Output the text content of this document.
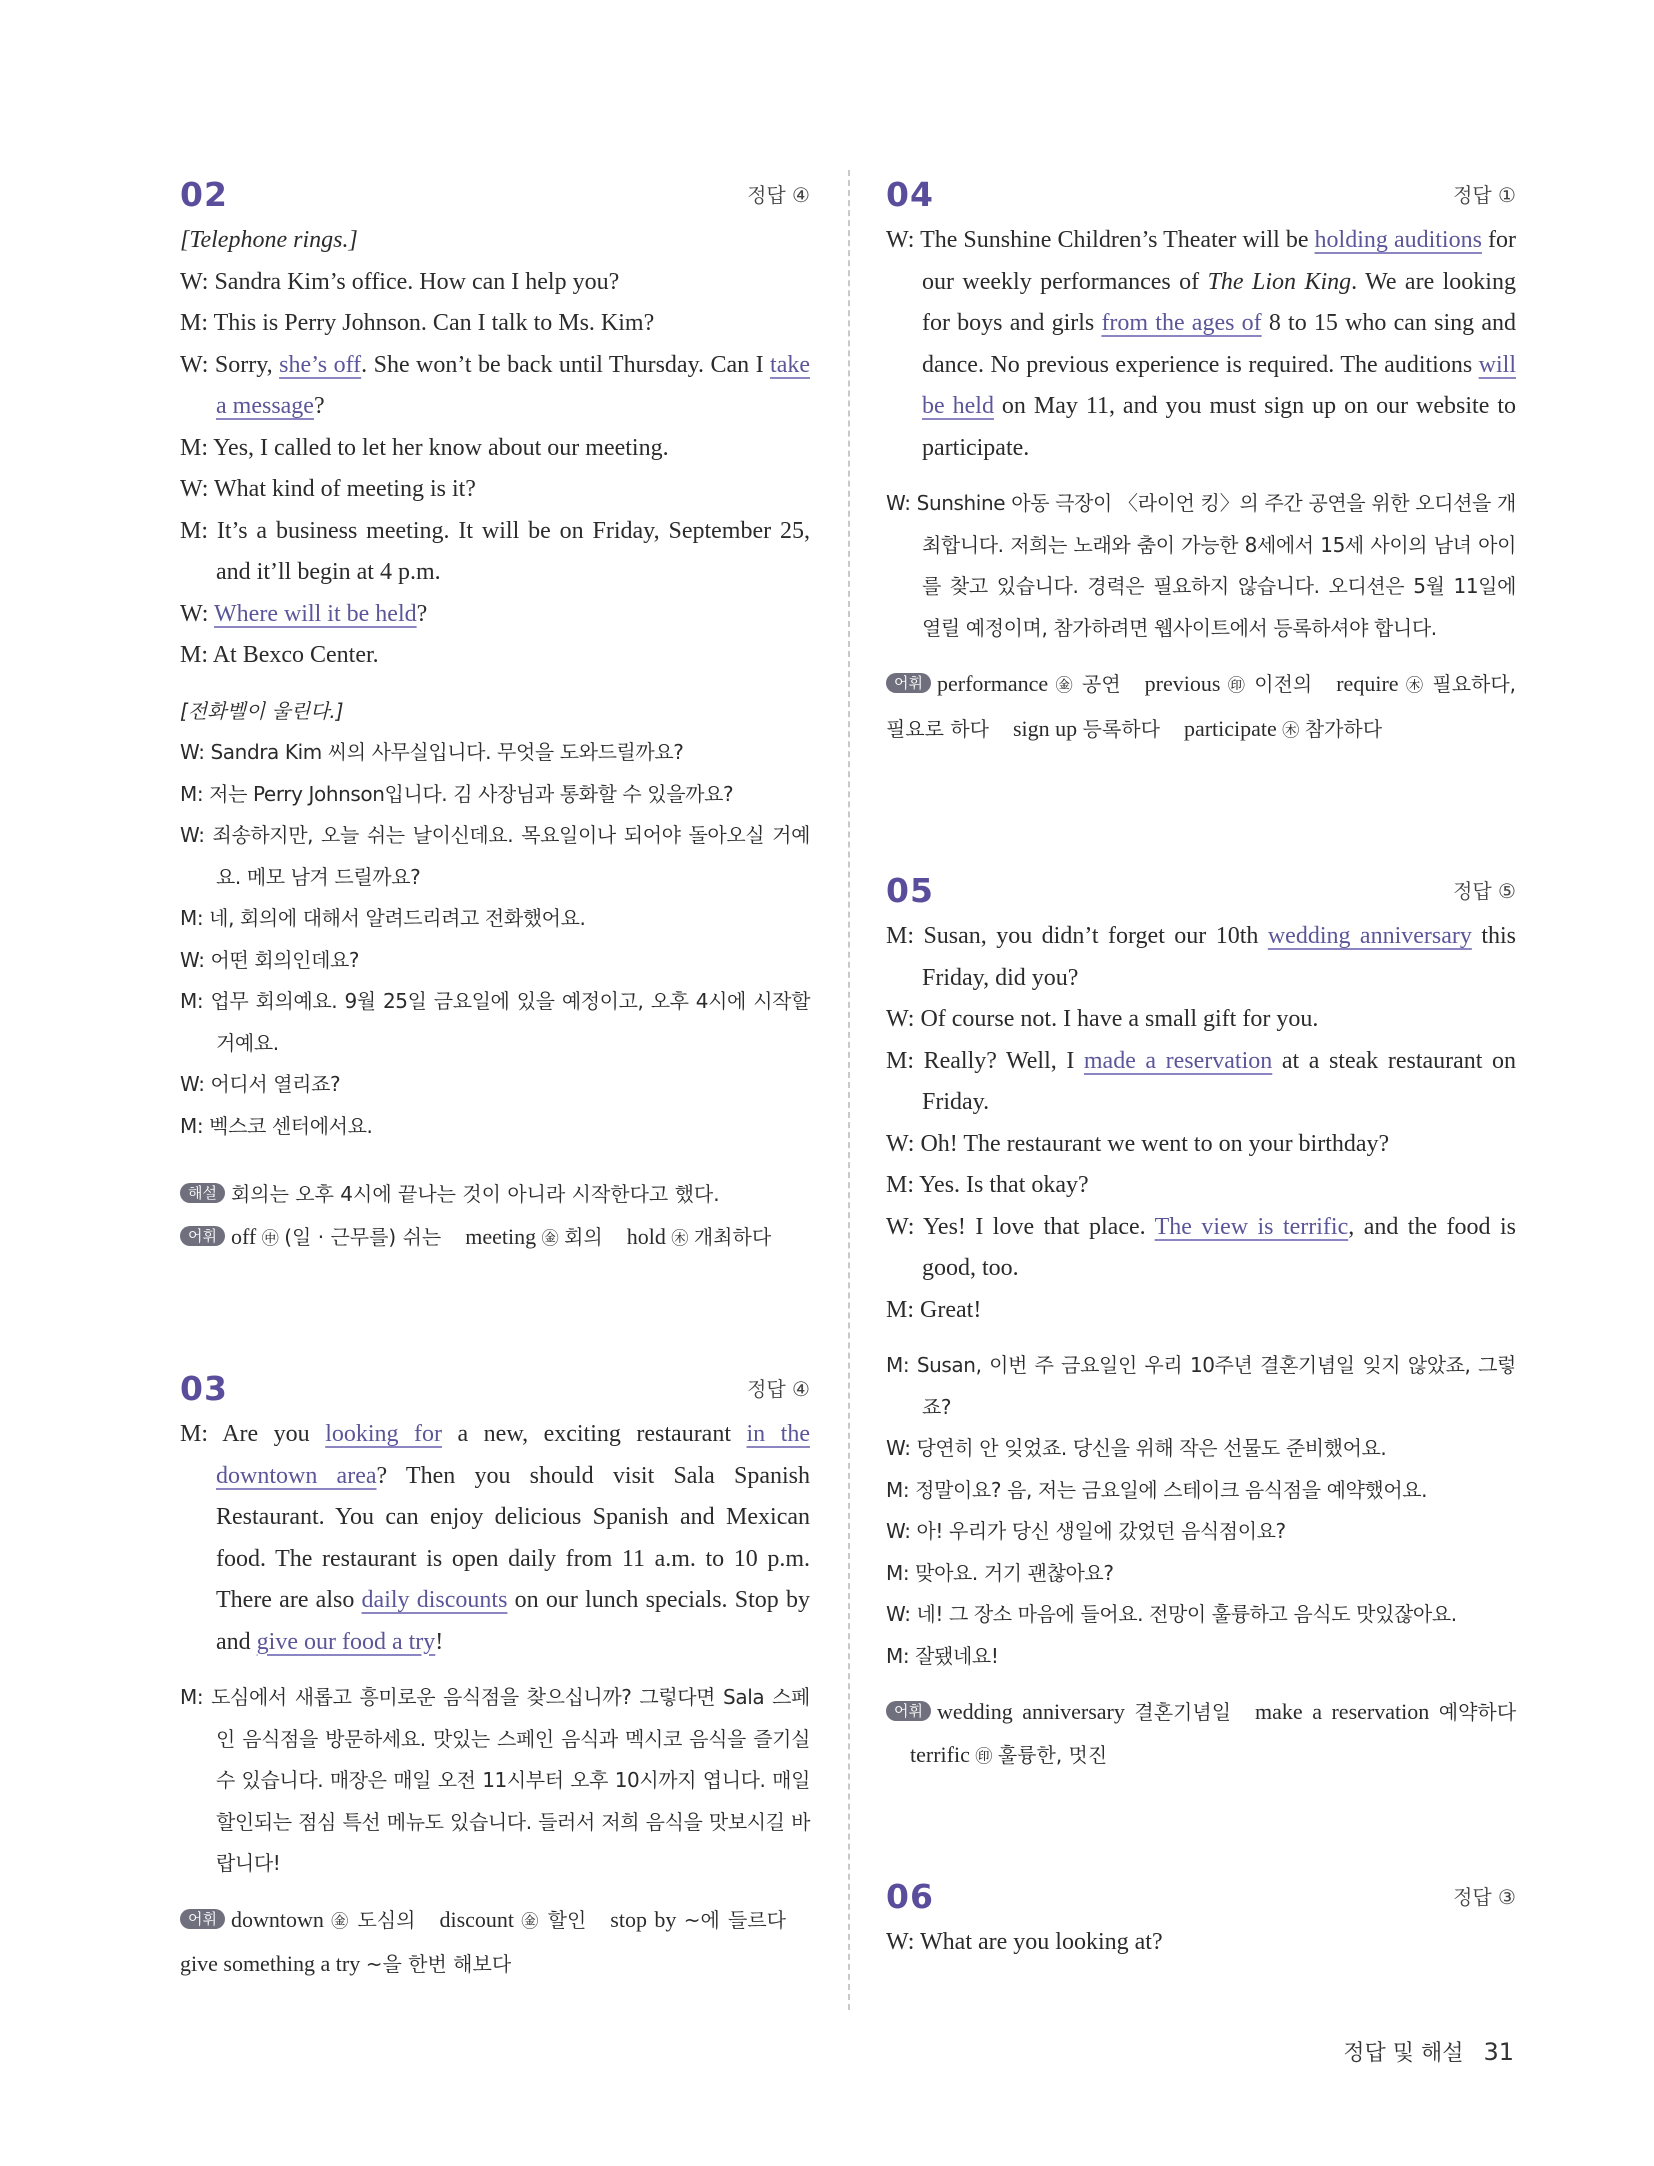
02	정답 ④

[Telephone rings.]

W: Sandra Kim’s office. How can I help you?

M: This is Perry Johnson. Can I talk to Ms. Kim?

W: Sorry, she’s off. She won’t be back until Thursday. Can I take a message?

M: Yes, I called to let her know about our meeting.

W: What kind of meeting is it?

M: It’s a business meeting. It will be on Friday, September 25, and it’ll begin at 4 p.m.

W: Where will it be held?

M: At Bexco Center.

[전화벨이 울린다.]

W: Sandra Kim 씨의 사무실입니다. 무엇을 도와드릴까요?

M: 저는 Perry Johnson입니다. 김 사장님과 통화할 수 있을까요?

W: 죄송하지만, 오늘 쉬는 날이신데요. 목요일이나 되어야 돌아오실 거예요. 메모 남겨 드릴까요?

M: 네, 회의에 대해서 알려드리려고 전화했어요.

W: 어떤 회의인데요?

M: 업무 회의예요. 9월 25일 금요일에 있을 예정이고, 오후 4시에 시작할 거예요.

W: 어디서 열리죠?

M: 벡스코 센터에서요.

해설 회의는 오후 4시에 끝나는 것이 아니라 시작한다고 했다.

어휘 off ㊥ (일 · 근무를) 쉬는 meeting ㊎ 회의 hold ㊍ 개최하다

03	정답 ④

M: Are you looking for a new, exciting restaurant in the downtown area? Then you should visit Sala Spanish Restaurant. You can enjoy delicious Spanish and Mexican food. The restaurant is open daily from 11 a.m. to 10 p.m. There are also daily discounts on our lunch specials. Stop by and give our food a try!

M: 도심에서 새롭고 흥미로운 음식점을 찾으십니까? 그렇다면 Sala 스페인 음식점을 방문하세요. 맛있는 스페인 음식과 멕시코 음식을 즐기실 수 있습니다. 매장은 매일 오전 11시부터 오후 10시까지 엽니다. 매일 할인되는 점심 특선 메뉴도 있습니다. 들러서 저희 음식을 맛보시길 바랍니다!

어휘 downtown ㊎ 도심의 discount ㊎ 할인 stop by ~에 들르다give something a try ~을 한번 해보다

04	정답 ①

W: The Sunshine Children’s Theater will be holding auditions for our weekly performances of The Lion King. We are looking for boys and girls from the ages of 8 to 15 who can sing and dance. No previous experience is required. The auditions will be held on May 11, and you must sign up on our website to participate.

W: Sunshine 아동 극장이 〈라이언 킹〉의 주간 공연을 위한 오디션을 개최합니다. 저희는 노래와 춤이 가능한 8세에서 15세 사이의 남녀 아이를 찾고 있습니다. 경력은 필요하지 않습니다. 오디션은 5월 11일에 열릴 예정이며, 참가하려면 웹사이트에서 등록하셔야 합니다.

어휘 performance ㊎ 공연 previous ㊞ 이전의 require ㊍ 필요하다, 필요로 하다 sign up 등록하다 participate ㊍ 참가하다

05	정답 ⑤

M: Susan, you didn’t forget our 10th wedding anniversary this Friday, did you?

W: Of course not. I have a small gift for you.

M: Really? Well, I made a reservation at a steak restaurant on Friday.

W: Oh! The restaurant we went to on your birthday?

M: Yes. Is that okay?

W: Yes! I love that place. The view is terrific, and the food is good, too.

M: Great!

M: Susan, 이번 주 금요일인 우리 10주년 결혼기념일 잊지 않았죠, 그렇죠?

W: 당연히 안 잊었죠. 당신을 위해 작은 선물도 준비했어요.

M: 정말이요? 음, 저는 금요일에 스테이크 음식점을 예약했어요.

W: 아! 우리가 당신 생일에 갔었던 음식점이요?

M: 맞아요. 거기 괜찮아요?

W: 네! 그 장소 마음에 들어요. 전망이 훌륭하고 음식도 맛있잖아요.

M: 잘됐네요!

어휘 wedding anniversary 결혼기념일 make a reservation 예약하다terrific ㊞ 훌륭한, 멋진

06	정답 ③

W: What are you looking at?

정답 및 해설 31
